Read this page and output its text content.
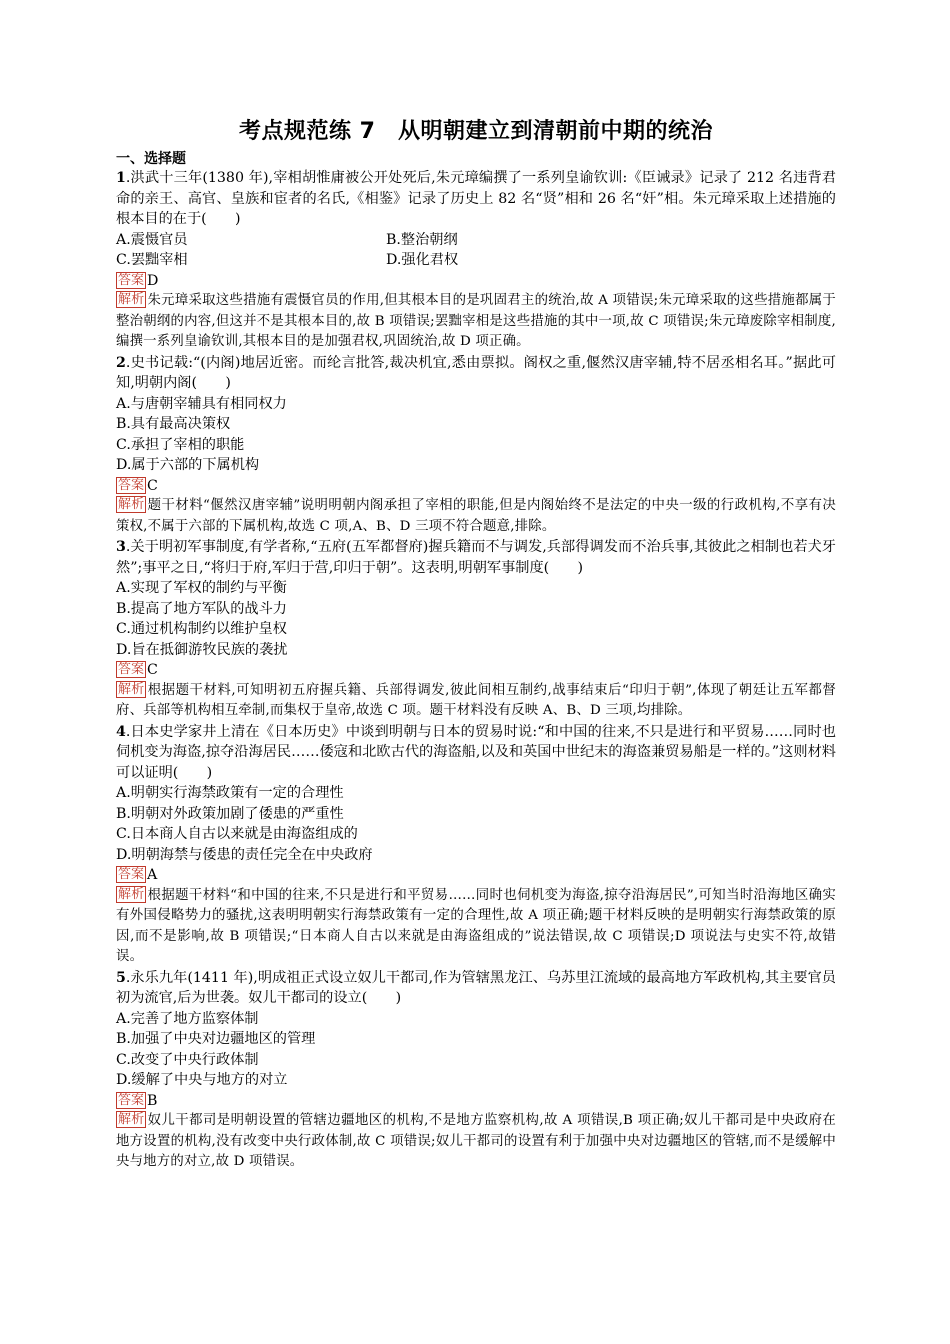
考点规范练 7　从明朝建立到清朝前中期的统治
一、选择题

1.洪武十三年(1380 年),宰相胡惟庸被公开处死后,朱元璋编撰了一系列皇谕钦训:《臣诫录》记录了 212 名违背君命的亲王、高官、皇族和宦者的名氏,《相鉴》记录了历史上 82 名“贤”相和 26 名“奸”相。朱元璋采取上述措施的根本目的在于(　　)

A.震慑官员	B.整治朝纲
C.罢黜宰相	D.强化君权
答案 D
解析 朱元璋采取这些措施有震慑官员的作用,但其根本目的是巩固君主的统治,故 A 项错误;朱元璋采取的这些措施都属于整治朝纲的内容,但这并不是其根本目的,故 B 项错误;罢黜宰相是这些措施的其中一项,故 C 项错误;朱元璋废除宰相制度,编撰一系列皇谕钦训,其根本目的是加强君权,巩固统治,故 D 项正确。

2.史书记载:“(内阁)地居近密。而纶言批答,裁决机宜,悉由票拟。阁权之重,偃然汉唐宰辅,特不居丞相名耳。”据此可知,明朝内阁(　　)

A.与唐朝宰辅具有相同权力
B.具有最高决策权
C.承担了宰相的职能
D.属于六部的下属机构
答案 C
解析 题干材料“偃然汉唐宰辅”说明明朝内阁承担了宰相的职能,但是内阁始终不是法定的中央一级的行政机构,不享有决策权,不属于六部的下属机构,故选 C 项,A、B、D 三项不符合题意,排除。

3.关于明初军事制度,有学者称,“五府(五军都督府)握兵籍而不与调发,兵部得调发而不治兵事,其彼此之相制也若犬牙然”;事平之日,“将归于府,军归于营,印归于朝”。这表明,明朝军事制度(　　)

A.实现了军权的制约与平衡
B.提高了地方军队的战斗力
C.通过机构制约以维护皇权
D.旨在抵御游牧民族的袭扰
答案 C
解析 根据题干材料,可知明初五府握兵籍、兵部得调发,彼此间相互制约,战事结束后“印归于朝”,体现了朝廷让五军都督府、兵部等机构相互牵制,而集权于皇帝,故选 C 项。题干材料没有反映 A、B、D 三项,均排除。

4.日本史学家井上清在《日本历史》中谈到明朝与日本的贸易时说:“和中国的往来,不只是进行和平贸易……同时也伺机变为海盗,掠夺沿海居民……倭寇和北欧古代的海盗船,以及和英国中世纪末的海盗兼贸易船是一样的。”这则材料可以证明(　　)

A.明朝实行海禁政策有一定的合理性
B.明朝对外政策加剧了倭患的严重性
C.日本商人自古以来就是由海盗组成的
D.明朝海禁与倭患的责任完全在中央政府
答案 A
解析 根据题干材料“和中国的往来,不只是进行和平贸易……同时也伺机变为海盗,掠夺沿海居民”,可知当时沿海地区确实有外国侵略势力的骚扰,这表明明朝实行海禁政策有一定的合理性,故 A 项正确;题干材料反映的是明朝实行海禁政策的原因,而不是影响,故 B 项错误;“日本商人自古以来就是由海盗组成的”说法错误,故 C 项错误;D 项说法与史实不符,故错误。

5.永乐九年(1411 年),明成祖正式设立奴儿干都司,作为管辖黑龙江、乌苏里江流域的最高地方军政机构,其主要官员初为流官,后为世袭。奴儿干都司的设立(　　)

A.完善了地方监察体制
B.加强了中央对边疆地区的管理
C.改变了中央行政体制
D.缓解了中央与地方的对立
答案 B
解析 奴儿干都司是明朝设置的管辖边疆地区的机构,不是地方监察机构,故 A 项错误,B 项正确;奴儿干都司是中央政府在地方设置的机构,没有改变中央行政体制,故 C 项错误;奴儿干都司的设置有利于加强中央对边疆地区的管辖,而不是缓解中央与地方的对立,故 D 项错误。
